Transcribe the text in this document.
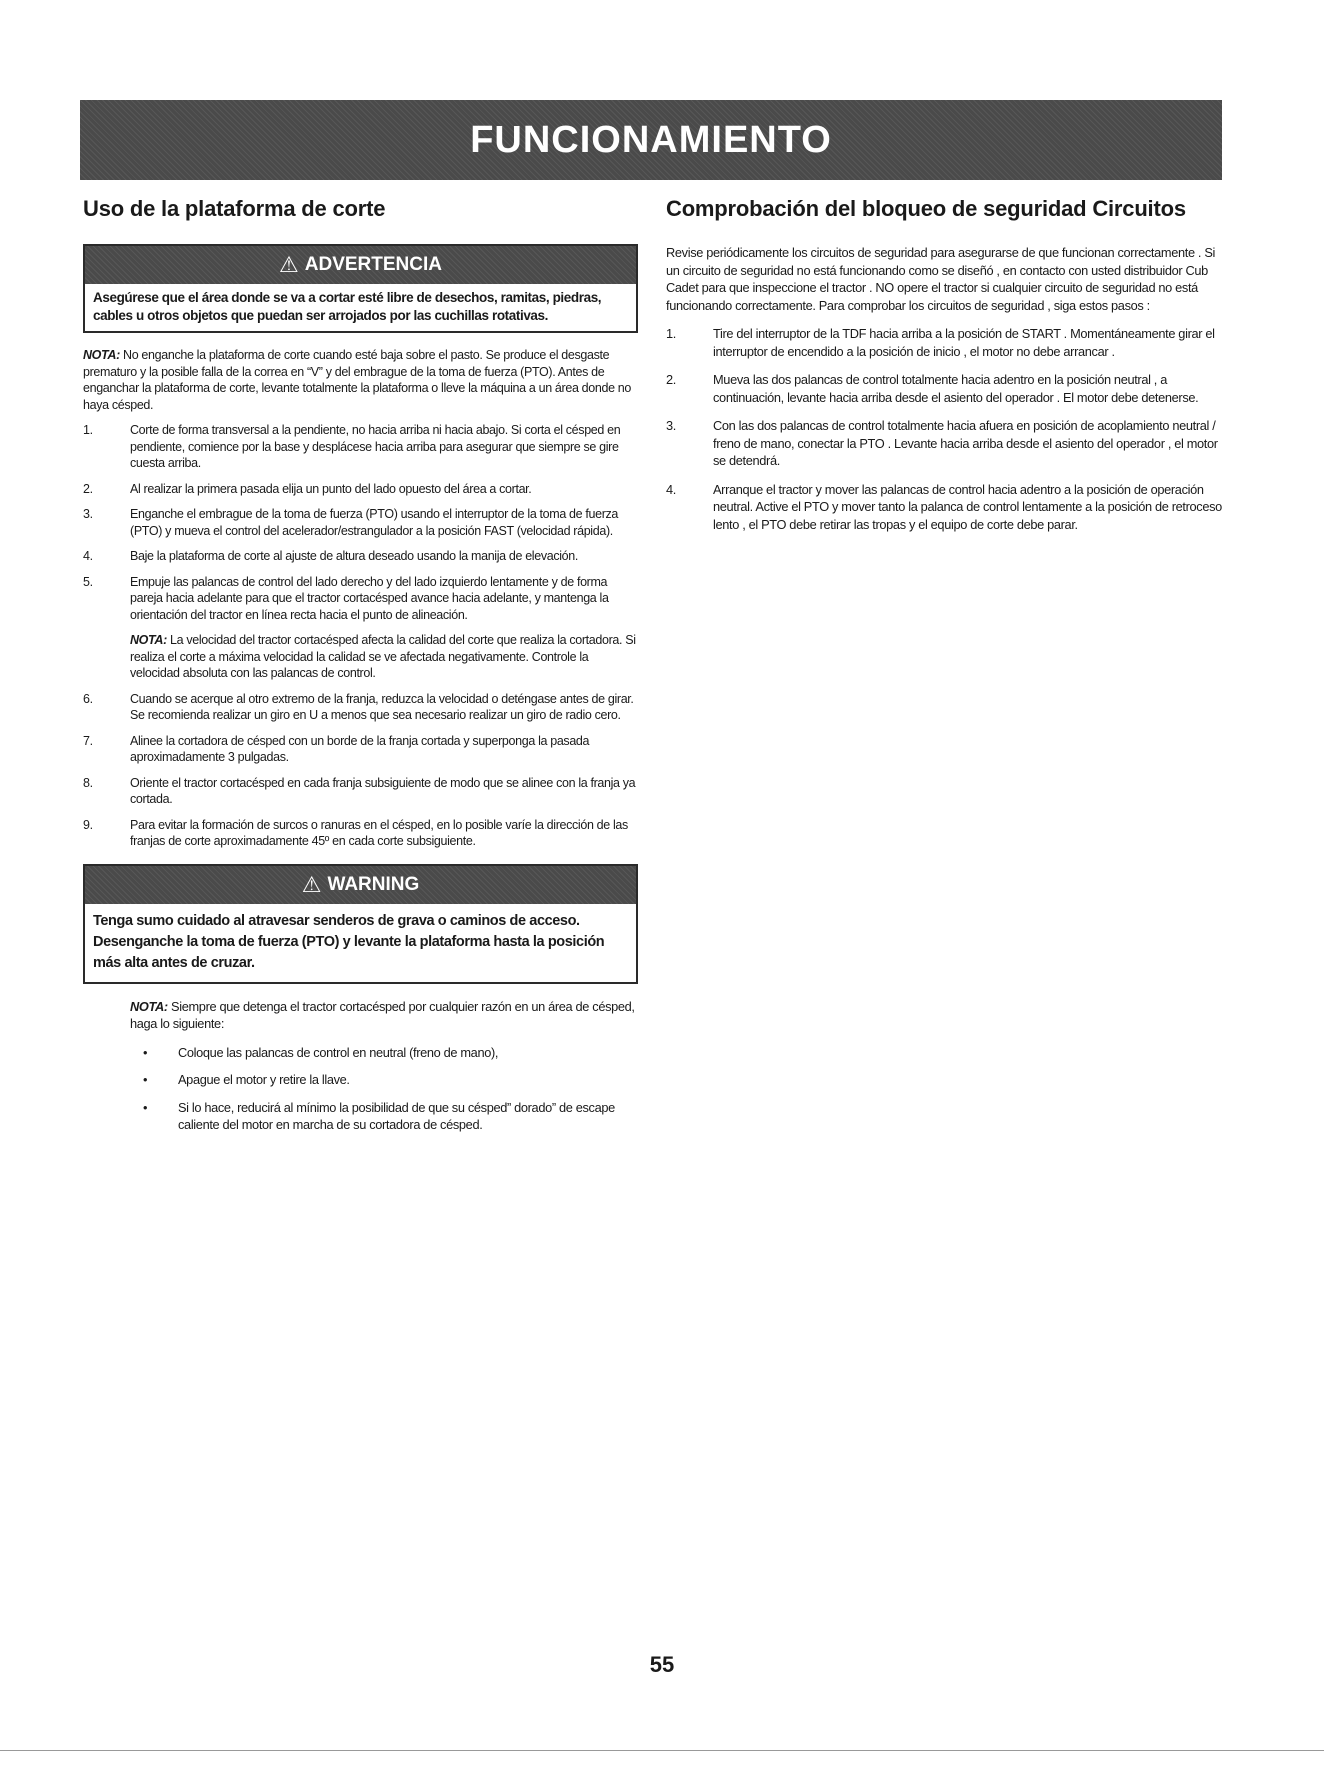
FUNCIONAMIENTO
Uso de la plataforma de corte
⚠ ADVERTENCIA
Asegúrese que el área donde se va a cortar esté libre de desechos, ramitas, piedras, cables u otros objetos que puedan ser arrojados por las cuchillas rotativas.

NOTA: No enganche la plataforma de corte cuando esté baja sobre el pasto. Se produce el desgaste prematuro y la posible falla de la correa en “V” y del embrague de la toma de fuerza (PTO). Antes de enganchar la plataforma de corte, levante totalmente la plataforma o lleve la máquina a un área donde no haya césped.

1.	Corte de forma transversal a la pendiente, no hacia arriba ni hacia abajo. Si corta el césped en pendiente, comience por la base y desplácese hacia arriba para asegurar que siempre se gire cuesta arriba.
2.	Al realizar la primera pasada elija un punto del lado opuesto del área a cortar.
3.	Enganche el embrague de la toma de fuerza (PTO) usando el interruptor de la toma de fuerza (PTO) y mueva el control del acelerador/estrangulador a la posición FAST (velocidad rápida).
4.	Baje la plataforma de corte al ajuste de altura deseado usando la manija de elevación.
5.	Empuje las palancas de control del lado derecho y del lado izquierdo lentamente y de forma pareja hacia adelante para que el tractor cortacésped avance hacia adelante, y mantenga la orientación del tractor en línea recta hacia el punto de alineación.

NOTA: La velocidad del tractor cortacésped afecta la calidad del corte que realiza la cortadora. Si realiza el corte a máxima velocidad la calidad se ve afectada negativamente. Controle la velocidad absoluta con las palancas de control.

6.	Cuando se acerque al otro extremo de la franja, reduzca la velocidad o deténgase antes de girar. Se recomienda realizar un giro en U a menos que sea necesario realizar un giro de radio cero.
7.	Alinee la cortadora de césped con un borde de la franja cortada y superponga la pasada aproximadamente 3 pulgadas.
8.	Oriente el tractor cortacésped en cada franja subsiguiente de modo que se alinee con la franja ya cortada.
9.	Para evitar la formación de surcos o ranuras en el césped, en lo posible varíe la dirección de las franjas de corte aproximadamente 45º en cada corte subsiguiente.
⚠ WARNING
Tenga sumo cuidado al atravesar senderos de grava o caminos de acceso. Desenganche la toma de fuerza (PTO) y levante la plataforma hasta la posición más alta antes de cruzar.

NOTA: Siempre que detenga el tractor cortacésped por cualquier razón en un área de césped, haga lo siguiente:

• Coloque las palancas de control en neutral (freno de mano),
• Apague el motor y retire la llave.
• Si lo hace, reducirá al mínimo la posibilidad de que su césped” dorado” de escape caliente del motor en marcha de su cortadora de césped.
Comprobación del bloqueo de seguridad Circuitos

Revise periódicamente los circuitos de seguridad para asegurarse de que funcionan correctamente . Si un circuito de seguridad no está funcionando como se diseñó , en contacto con usted distribuidor Cub Cadet para que inspeccione el tractor . NO opere el tractor si cualquier circuito de seguridad no está funcionando correctamente. Para comprobar los circuitos de seguridad , siga estos pasos :

1.	Tire del interruptor de la TDF hacia arriba a la posición de START . Momentáneamente girar el interruptor de encendido a la posición de inicio , el motor no debe arrancar .
2.	Mueva las dos palancas de control totalmente hacia adentro en la posición neutral , a continuación, levante hacia arriba desde el asiento del operador . El motor debe detenerse.
3.	Con las dos palancas de control totalmente hacia afuera en posición de acoplamiento neutral / freno de mano, conectar la PTO . Levante hacia arriba desde el asiento del operador , el motor se detendrá.
4.	Arranque el tractor y mover las palancas de control hacia adentro a la posición de operación neutral. Active el PTO y mover tanto la palanca de control lentamente a la posición de retroceso lento , el PTO debe retirar las tropas y el equipo de corte debe parar.
55
